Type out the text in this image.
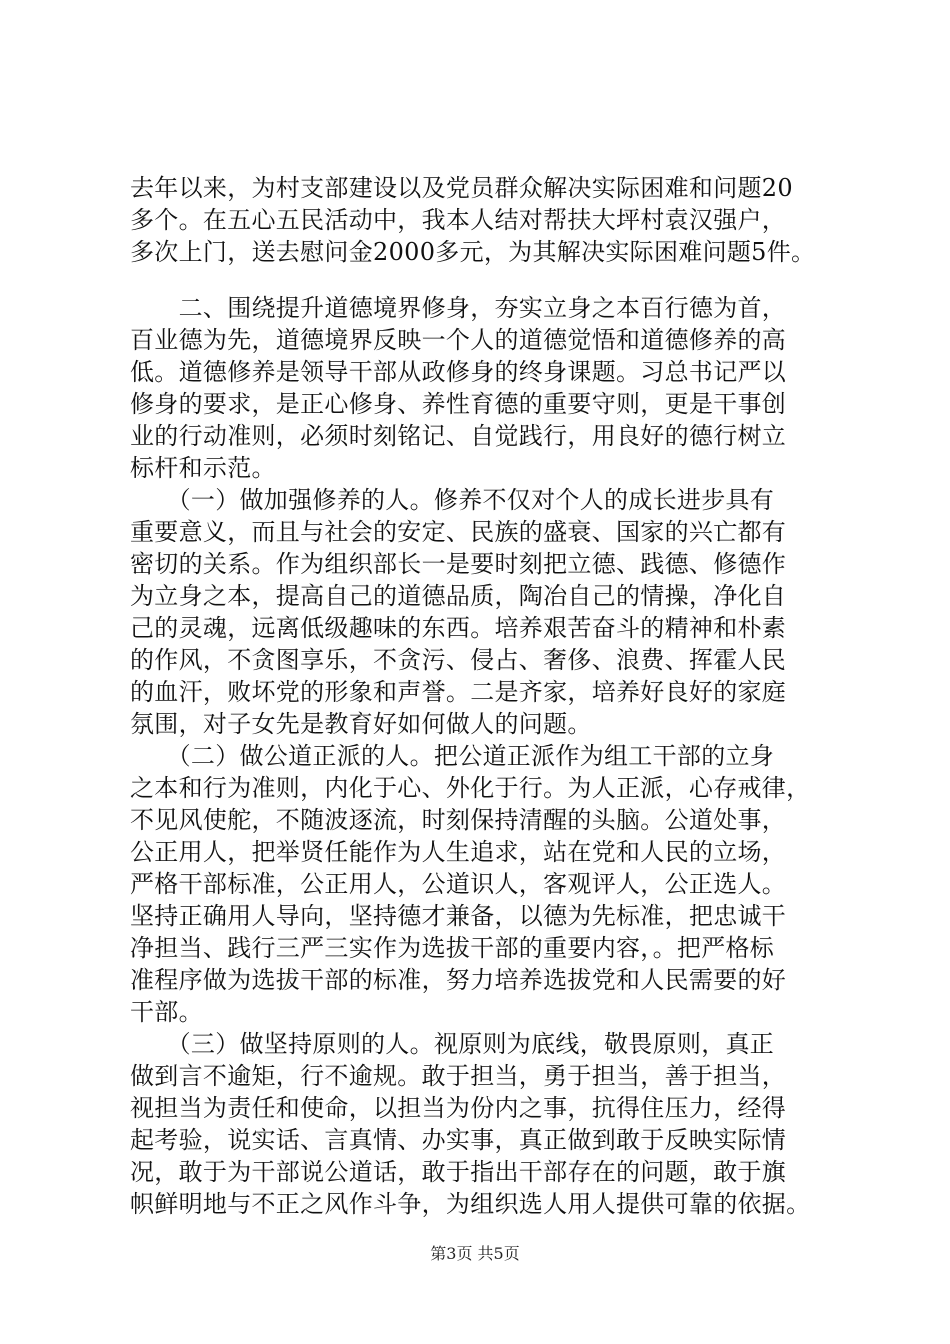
去年以来，为村支部建设以及党员群众解决实际困难和问题20
多个。在五心五民活动中，我本人结对帮扶大坪村袁汉强户，
多次上门，送去慰问金2000多元，为其解决实际困难问题5件。
　　二、围绕提升道德境界修身，夯实立身之本百行德为首，
百业德为先，道德境界反映一个人的道德觉悟和道德修养的高
低。道德修养是领导干部从政修身的终身课题。习总书记严以
修身的要求，是正心修身、养性育德的重要守则，更是干事创
业的行动准则，必须时刻铭记、自觉践行，用良好的德行树立
标杆和示范。
　　（一）做加强修养的人。修养不仅对个人的成长进步具有
重要意义，而且与社会的安定、民族的盛衰、国家的兴亡都有
密切的关系。作为组织部长一是要时刻把立德、践德、修德作
为立身之本，提高自己的道德品质，陶冶自己的情操，净化自
己的灵魂，远离低级趣味的东西。培养艰苦奋斗的精神和朴素
的作风，不贪图享乐，不贪污、侵占、奢侈、浪费、挥霍人民
的血汗，败坏党的形象和声誉。二是齐家，培养好良好的家庭
氛围，对子女先是教育好如何做人的问题。
　　（二）做公道正派的人。把公道正派作为组工干部的立身
之本和行为准则，内化于心、外化于行。为人正派，心存戒律，
不见风使舵，不随波逐流，时刻保持清醒的头脑。公道处事，
公正用人，把举贤任能作为人生追求，站在党和人民的立场，
严格干部标准，公正用人，公道识人，客观评人，公正选人。
坚持正确用人导向，坚持德才兼备，以德为先标准，把忠诚干
净担当、践行三严三实作为选拔干部的重要内容，。把严格标
准程序做为选拔干部的标准，努力培养选拔党和人民需要的好
干部。
　　（三）做坚持原则的人。视原则为底线，敬畏原则，真正
做到言不逾矩，行不逾规。敢于担当，勇于担当，善于担当，
视担当为责任和使命，以担当为份内之事，抗得住压力，经得
起考验，说实话、言真情、办实事，真正做到敢于反映实际情
况，敢于为干部说公道话，敢于指出干部存在的问题，敢于旗
帜鲜明地与不正之风作斗争，为组织选人用人提供可靠的依据。
第3页 共5页
